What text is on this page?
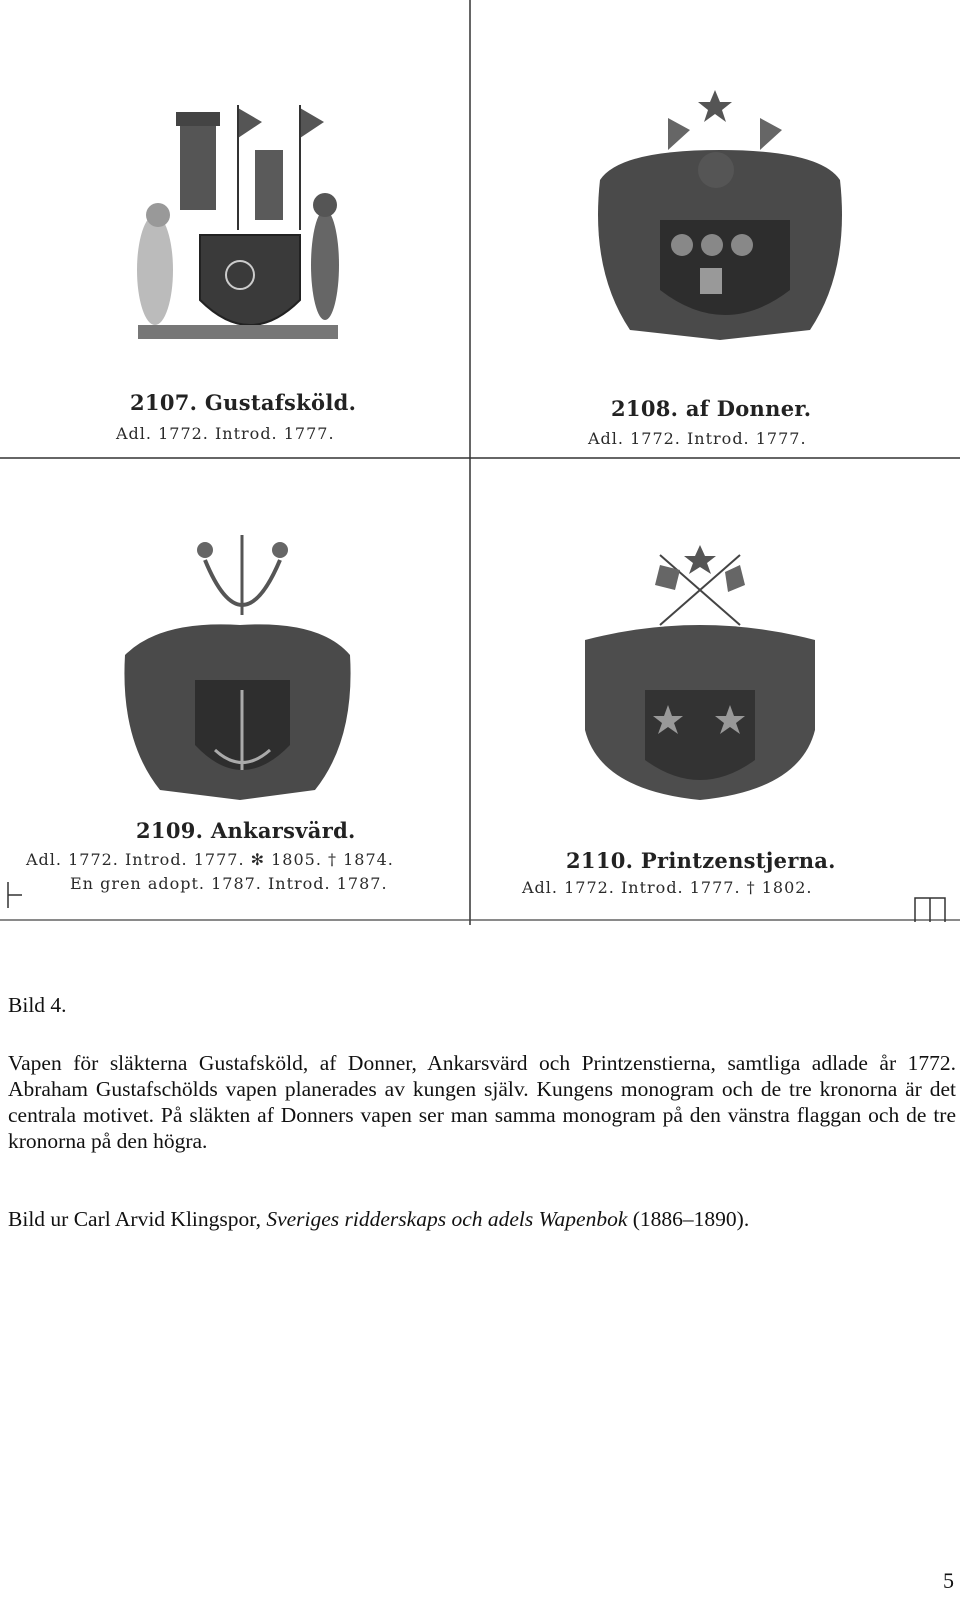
2107. Gustafsköld.
Adl. 1772. Introd. 1777.
2108. af Donner.
Adl. 1772. Introd. 1777.
2109. Ankarsvärd.
Adl. 1772. Introd. 1777. ✻ 1805. † 1874.
En gren adopt. 1787. Introd. 1787.
2110. Printzenstjerna.
Adl. 1772. Introd. 1777. † 1802.
Bild 4.

Vapen för släkterna Gustafsköld, af Donner, Ankarsvärd och Printzenstierna, samtliga adlade år 1772. Abraham Gustafschölds vapen planerades av kungen själv. Kungens monogram och de tre kronorna är det centrala motivet. På släkten af Donners vapen ser man samma monogram på den vänstra flaggan och de tre kronorna på den högra.

Bild ur Carl Arvid Klingspor, Sveriges ridderskaps och adels Wapenbok (1886–1890).
5
